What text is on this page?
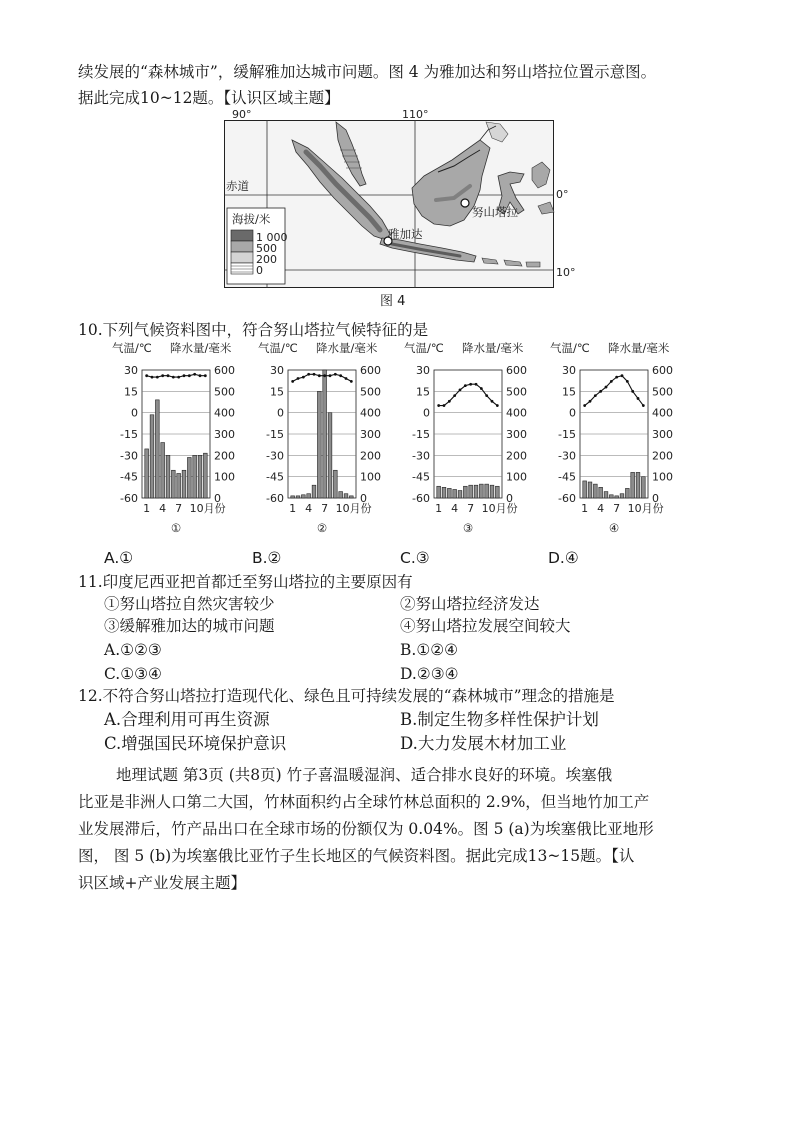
续发展的“森林城市”，缓解雅加达城市问题。图 4 为雅加达和努山塔拉位置示意图。
据此完成10~12题。【认识区域主题】
90°	110°
0°
10°
赤道
海拔/米
1 000
500
200
0
努山塔拉
雅加达
图 4
10.下列气候资料图中，符合努山塔拉气候特征的是
气温/℃ 降水量/毫米
30	600
15	500
0	400
-15	300
-30	200
-45	100
-60	0
1 4 7 10月份
①
气温/℃ 降水量/毫米
30	600
15	500
0	400
-15	300
-30	200
-45	100
-60	0
1 4 7 10月份
②
气温/℃ 降水量/毫米
30	600
15	500
0	400
-15	300
-30	200
-45	100
-60	0
1 4 7 10月份
③
气温/℃ 降水量/毫米
30	600
15	500
0	400
-15	300
-30	200
-45	100
-60	0
1 4 7 10月份
④
A.①	B.②	C.③	D.④
11.印度尼西亚把首都迁至努山塔拉的主要原因有
①努山塔拉自然灾害较少	②努山塔拉经济发达
③缓解雅加达的城市问题	④努山塔拉发展空间较大
A.①②③	B.①②④
C.①③④	D.②③④
12.不符合努山塔拉打造现代化、绿色且可持续发展的“森林城市”理念的措施是
A.合理利用可再生资源	B.制定生物多样性保护计划
C.增强国民环境保护意识	D.大力发展木材加工业
地理试题 第3页 (共8页) 竹子喜温暖湿润、适合排水良好的环境。埃塞俄
比亚是非洲人口第二大国，竹林面积约占全球竹林总面积的 2.9%，但当地竹加工产
业发展滞后，竹产品出口在全球市场的份额仅为 0.04%。图 5 (a)为埃塞俄比亚地形
图， 图 5 (b)为埃塞俄比亚竹子生长地区的气候资料图。据此完成13~15题。【认
识区域+产业发展主题】
